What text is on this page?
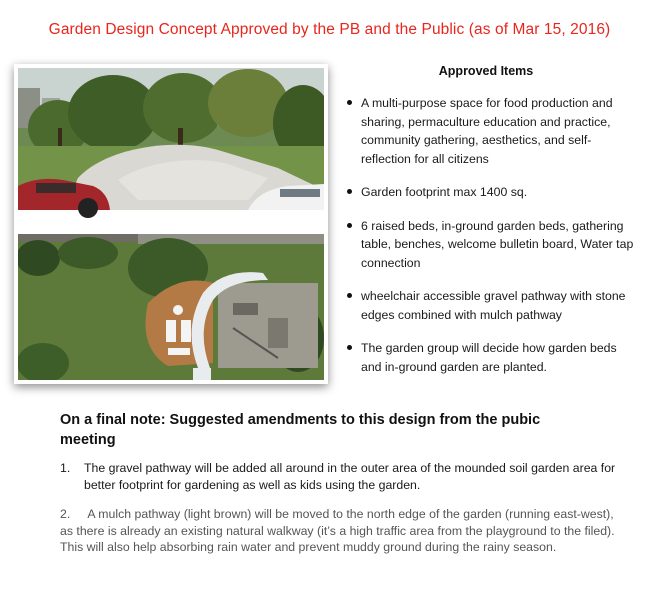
Garden Design Concept Approved by the PB and the Public (as of Mar 15, 2016)
Approved Items
A multi-purpose space for food production and sharing, permaculture education and practice, community gathering, aesthetics, and self-reflection for all citizens
Garden footprint max 1400 sq.
6 raised beds, in-ground garden beds, gathering table, benches, welcome bulletin board, Water tap connection
wheelchair accessible gravel pathway with stone edges combined with mulch pathway
The garden group will decide how garden beds and in-ground garden are planted.
On a final note: Suggested amendments to this design from the pubic meeting
1.	The gravel pathway will be added all around in the outer area of the mounded soil garden area for better footprint for gardening as well as kids using the garden.
2. A mulch pathway (light brown) will be moved to the north edge of the garden (running east-west), as there is already an existing natural walkway (it’s a high traffic area from the playground to the filed). This will also help absorbing rain water and prevent muddy ground during the rainy season.
